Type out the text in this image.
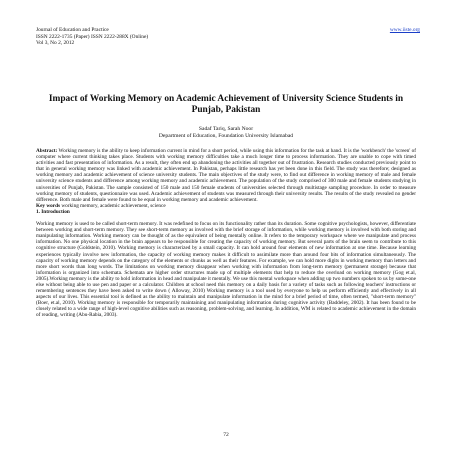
Journal of Education and Practice
ISSN 2222-1735 (Paper) ISSN 2222-288X (Online)
Vol 3, No 2, 2012
www.iiste.org
Impact of Working Memory on Academic Achievement of University Science Students in Punjab, Pakistan
Sadaf Tariq, Sarah Noor
Department of Education, Foundation University Islamabad

Abstract: Working memory is the ability to keep information current in mind for a short period, while using this information for the task at hand. It is the 'workbench' the 'screen' of computer where current thinking takes place. Students with working memory difficulties take a much longer time to process information. They are unable to cope with timed activities and fast presentation of information. As a result, they often end up abandoning the activities all together out of frustration. Research studies conducted previously point to that in general working memory was linked with academic achievement. In Pakistan, perhaps little research has yet been done in this field. The study was therefore; designed as working memory and academic achievement of science university students. The main objectives of the study were, to find out difference in working memory of male and female university science students and difference among working memory and academic achievement. The population of the study comprised of 300 male and female students studying in universities of Punjab, Pakistan. The sample consisted of 150 male and 150 female students of universities selected through multistage sampling procedure. In order to measure working memory of students, questionnaire was used. Academic achievement of students was measured through their university results. The results of the study revealed no gender difference. Both male and female were found to be equal in working memory and academic achievement.

Key words working memory, academic achievement, science

1. Introduction

Working memory is used to be called short-term memory. It was redefined to focus on its functionality rather than its duration. Some cognitive psychologists, however, differentiate between working and short-term memory. They see short-term memory as involved with the brief storage of information, while working memory is involved with both storing and manipulating information. Working memory can be thought of as the equivalent of being mentally online. It refers to the temporary workspace where we manipulate and process information. No one physical location in the brain appears to be responsible for creating the capacity of working memory. But several parts of the brain seem to contribute to this cognitive structure (Goldstein, 2010). Working memory is characterized by a small capacity. It can hold around four elements of new information at one time. Because learning experiences typically involve new information, the capacity of working memory makes it difficult to assimilate more than around four bits of information simultaneously. The capacity of working memory depends on the category of the elements or chunks as well as their features. For example, we can hold more digits in working memory than letters and more short words than long words. The limitations on working memory disappear when working with information from long-term memory (permanent storage) because that information is organized into schemata. Schemata are higher order structures made up of multiple elements that help to reduce the overload on working memory (Gog et.al, 2005).Working memory is the ability to hold information in head and manipulate it mentally. We use this mental workspace when adding up two numbers spoken to us by some-one else without being able to use pen and paper or a calculator. Children at school need this memory on a daily basis for a variety of tasks such as following teachers' instructions or remembering sentences they have been asked to write down ( Alloway, 2010) Working memory is a tool used by everyone to help us perform efficiently and effectively in all aspects of our lives. This essential tool is defined as the ability to maintain and manipulate information in the mind for a brief period of time, often termed, "short-term memory" (Boer, et.al, 2010). Working memory is responsible for temporarily maintaining and manipulating information during cognitive activity (Baddeley, 2002). It has been found to be closely related to a wide range of high-level cognitive abilities such as reasoning, problem-solving, and learning. In addition, WM is related to academic achievement in the domain of reading, writing (Abu-Rabia, 2003).

72
